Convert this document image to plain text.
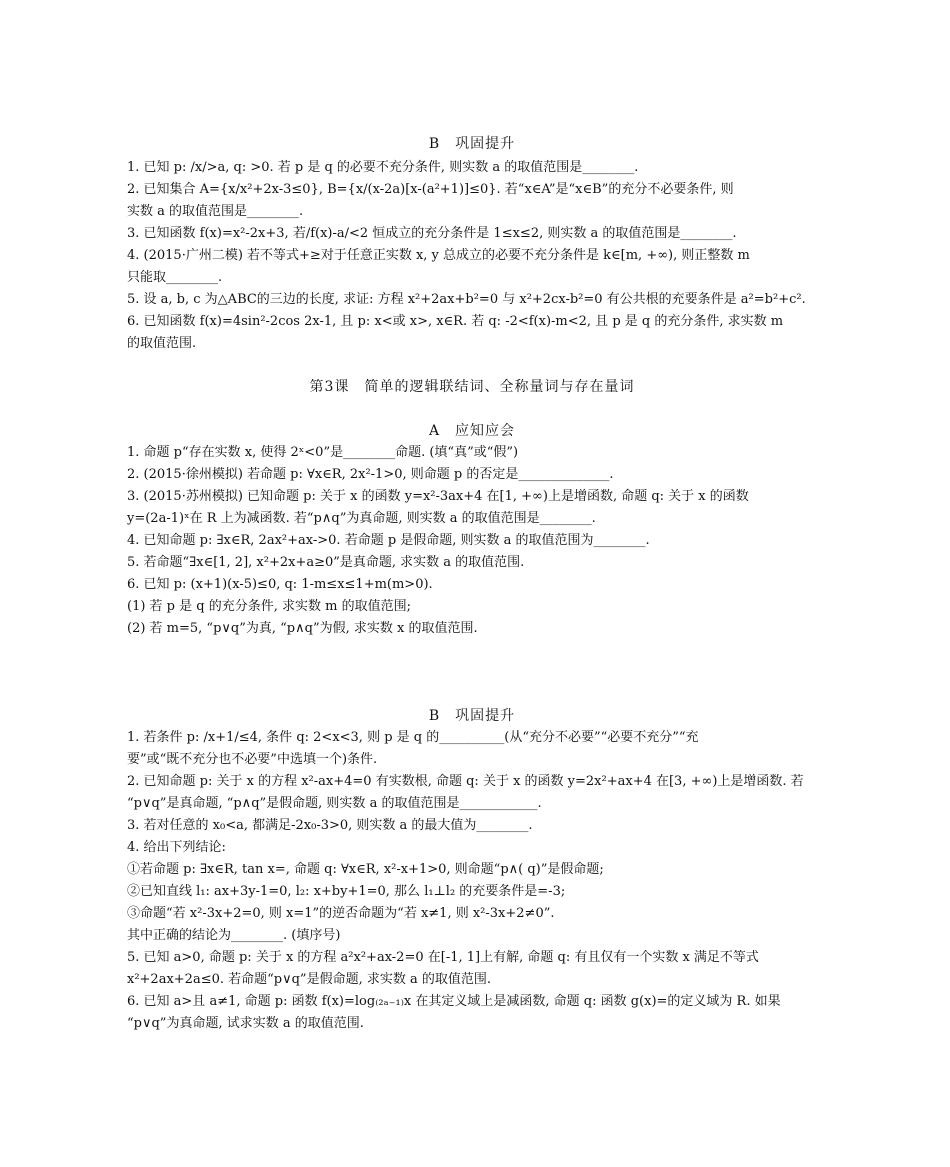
B　巩固提升
1. 已知 p: /x/>a, q: >0. 若 p 是 q 的必要不充分条件, 则实数 a 的取值范围是________.
2. 已知集合 A={x/x²+2x-3≤0}, B={x/(x-2a)[x-(a²+1)]≤0}. 若“x∈A”是“x∈B”的充分不必要条件, 则
实数 a 的取值范围是________.
3. 已知函数 f(x)=x²-2x+3, 若/f(x)-a/<2 恒成立的充分条件是 1≤x≤2, 则实数 a 的取值范围是________.
4. (2015·广州二模) 若不等式+≥对于任意正实数 x, y 总成立的必要不充分条件是 k∈[m, +∞), 则正整数 m
只能取________.
5. 设 a, b, c 为△ABC的三边的长度, 求证: 方程 x²+2ax+b²=0 与 x²+2cx-b²=0 有公共根的充要条件是 a²=b²+c².
6. 已知函数 f(x)=4sin²-2cos 2x-1, 且 p: x<或 x>, x∈R. 若 q: -2<f(x)-m<2, 且 p 是 q 的充分条件, 求实数 m
的取值范围.
第3课　简单的逻辑联结词、全称量词与存在量词
A　应知应会
1. 命题 p“存在实数 x, 使得 2ˣ<0”是________命题. (填“真”或“假”)
2. (2015·徐州模拟) 若命题 p: ∀x∈R, 2x²-1>0, 则命题 p 的否定是______________.
3. (2015·苏州模拟) 已知命题 p: 关于 x 的函数 y=x²-3ax+4 在[1, +∞)上是增函数, 命题 q: 关于 x 的函数
y=(2a-1)ˣ在 R 上为减函数. 若“p∧q”为真命题, 则实数 a 的取值范围是________.
4. 已知命题 p: ∃x∈R, 2ax²+ax->0. 若命题 p 是假命题, 则实数 a 的取值范围为________.
5. 若命题“∃x∈[1, 2], x²+2x+a≥0”是真命题, 求实数 a 的取值范围.
6. 已知 p: (x+1)(x-5)≤0, q: 1-m≤x≤1+m(m>0).
(1) 若 p 是 q 的充分条件, 求实数 m 的取值范围;
(2) 若 m=5, “p∨q”为真, “p∧q”为假, 求实数 x 的取值范围.
B　巩固提升
1. 若条件 p: /x+1/≤4, 条件 q: 2<x<3, 则 p 是 q 的__________(从“充分不必要”“必要不充分”“充
要”或“既不充分也不必要”中选填一个)条件.
2. 已知命题 p: 关于 x 的方程 x²-ax+4=0 有实数根, 命题 q: 关于 x 的函数 y=2x²+ax+4 在[3, +∞)上是增函数. 若
“p∨q”是真命题, “p∧q”是假命题, 则实数 a 的取值范围是____________.
3. 若对任意的 x₀<a, 都满足-2x₀-3>0, 则实数 a 的最大值为________.
4. 给出下列结论:
①若命题 p: ∃x∈R, tan x=, 命题 q: ∀x∈R, x²-x+1>0, 则命题“p∧( q)”是假命题;
②已知直线 l₁: ax+3y-1=0, l₂: x+by+1=0, 那么 l₁⊥l₂ 的充要条件是=-3;
③命题“若 x²-3x+2=0, 则 x=1”的逆否命题为“若 x≠1, 则 x²-3x+2≠0”.
其中正确的结论为________. (填序号)
5. 已知 a>0, 命题 p: 关于 x 的方程 a²x²+ax-2=0 在[-1, 1]上有解, 命题 q: 有且仅有一个实数 x 满足不等式
x²+2ax+2a≤0. 若命题“p∨q”是假命题, 求实数 a 的取值范围.
6. 已知 a>且 a≠1, 命题 p: 函数 f(x)=log₍₂ₐ₋₁₎x 在其定义域上是减函数, 命题 q: 函数 g(x)=的定义域为 R. 如果
“p∨q”为真命题, 试求实数 a 的取值范围.
